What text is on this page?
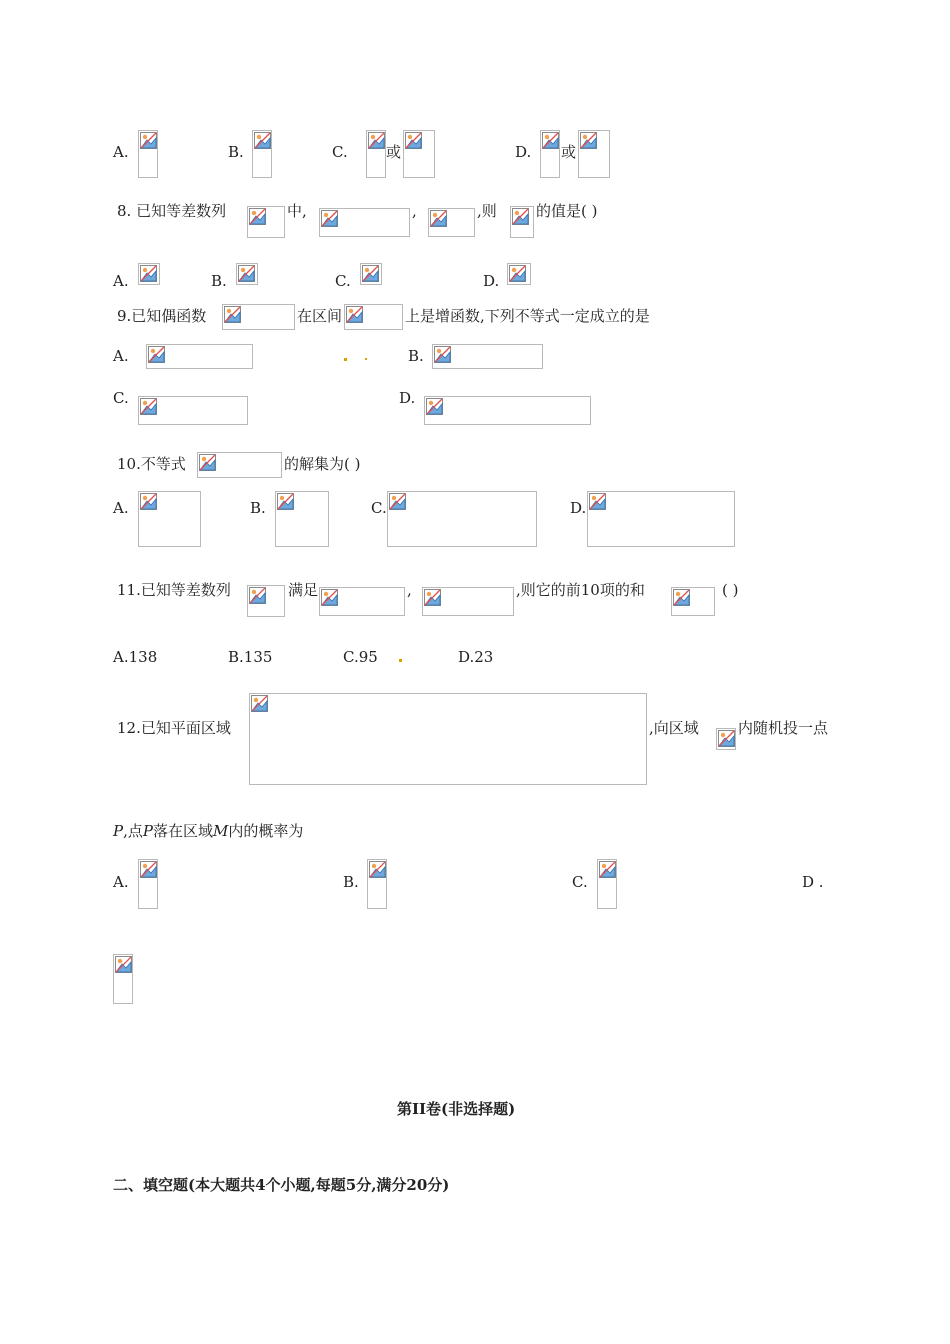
A.	B.	C.	或	D. 或
8. 已知等差数列	中,	,	,则	的值是( )
A.	B.	C.	D.
9.已知偶函数	在区间	上是增函数,下列不等式一定成立的是
A.	B.
C.	D.
10.不等式	的解集为( )
A.	B.	C.	D.
11.已知等差数列	满足	,	,则它的前10项的和	( )
A.138	B.135	C.95	D.23
12.已知平面区域	,向区域	内随机投一点
P,点P落在区域M内的概率为
A.	B.	C.	D .
第II卷(非选择题)
二、填空题(本大题共4个小题,每题5分,满分20分)
